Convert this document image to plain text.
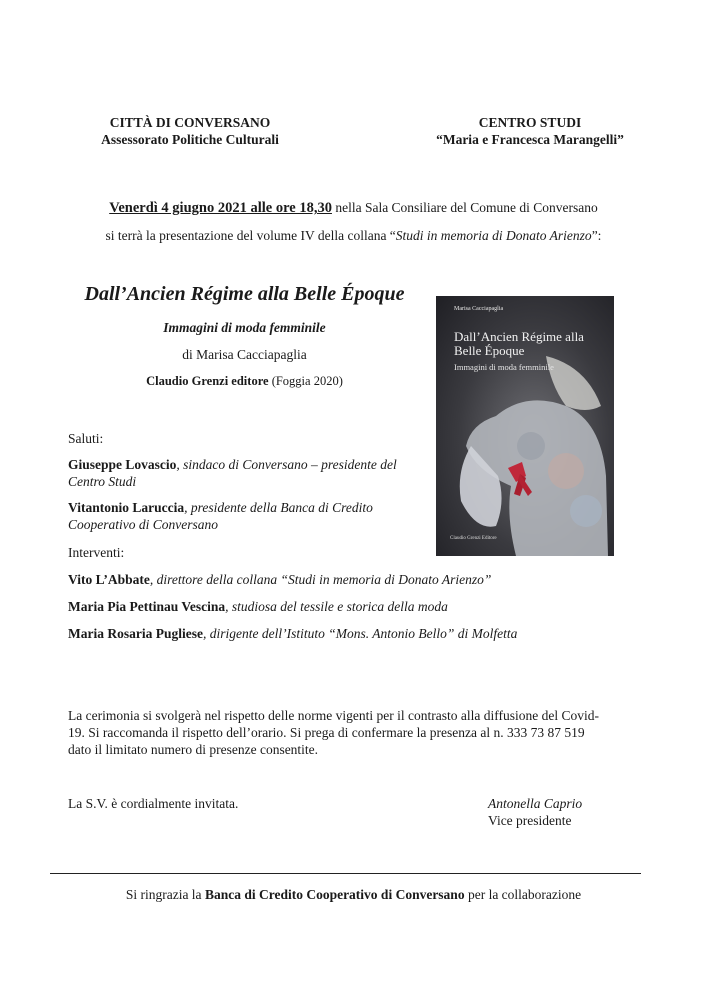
CITTÀ DI CONVERSANO
Assessorato Politiche Culturali
CENTRO STUDI
“Maria e Francesca Marangelli”
Venerdì 4 giugno 2021 alle ore 18,30 nella Sala Consiliare del Comune di Conversano
si terrà la presentazione del volume IV della collana “Studi in memoria di Donato Arienzo”:
Dall’Ancien Régime alla Belle Époque
Immagini di moda femminile
di Marisa Cacciapaglia
Claudio Grenzi editore (Foggia 2020)
Marisa Cacciapaglia
Dall’Ancien Régime alla Belle Époque
Immagini di moda femminile
Claudio Grenzi Editore
Saluti:
Giuseppe Lovascio, sindaco di Conversano – presidente del Centro Studi
Vitantonio Laruccia, presidente della Banca di Credito Cooperativo di Conversano
Interventi:
Vito L’Abbate, direttore della collana “Studi in memoria di Donato Arienzo”
Maria Pia Pettinau Vescina, studiosa del tessile e storica della moda
Maria Rosaria Pugliese, dirigente dell’Istituto “Mons. Antonio Bello” di Molfetta
La cerimonia si svolgerà nel rispetto delle norme vigenti per il contrasto alla diffusione del Covid-
19. Si raccomanda il rispetto dell’orario. Si prega di confermare la presenza al n. 333 73 87 519
dato il limitato numero di presenze consentite.
La S.V. è cordialmente invitata.	Antonella Caprio
Vice presidente
Si ringrazia la Banca di Credito Cooperativo di Conversano per la collaborazione
